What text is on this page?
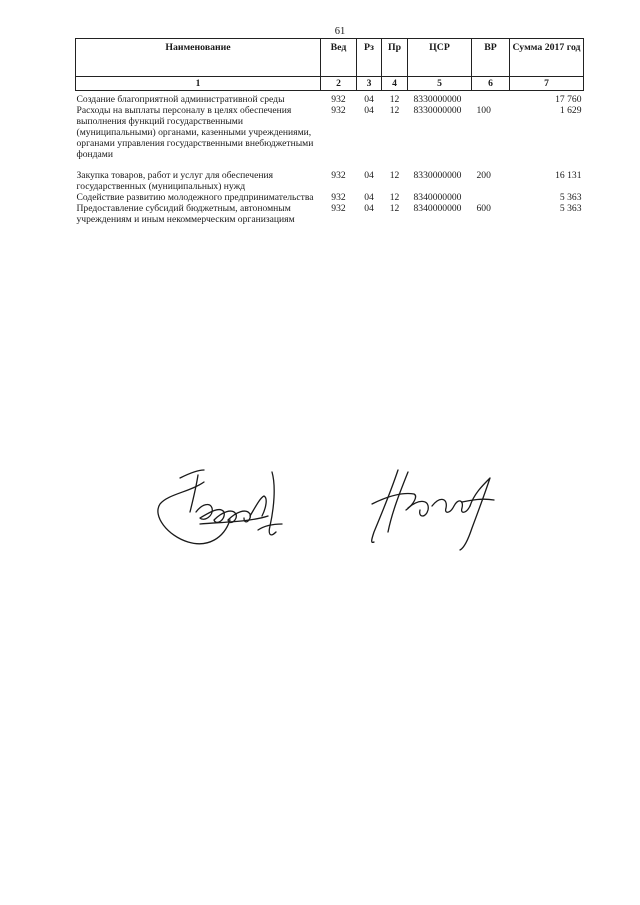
61
Наименование	Вед	Рз	Пр	ЦСР	ВР	Сумма 2017 год
1	2	3	4	5	6	7
Создание благоприятной административной среды	932	04	12	8330000000		17 760
Расходы на выплаты персоналу в целях обеспечения выполнения функций государственными (муниципальными) органами, казенными учреждениями, органами управления государственными внебюджетными фондами	932	04	12	8330000000	100	1 629

Закупка товаров, работ и услуг для обеспечения государственных (муниципальных) нужд	932	04	12	8330000000	200	16 131
Содействие развитию молодежного предпринимательства	932	04	12	8340000000		5 363
Предоставление субсидий бюджетным, автономным учреждениям и иным некоммерческим организациям	932	04	12	8340000000	600	5 363
